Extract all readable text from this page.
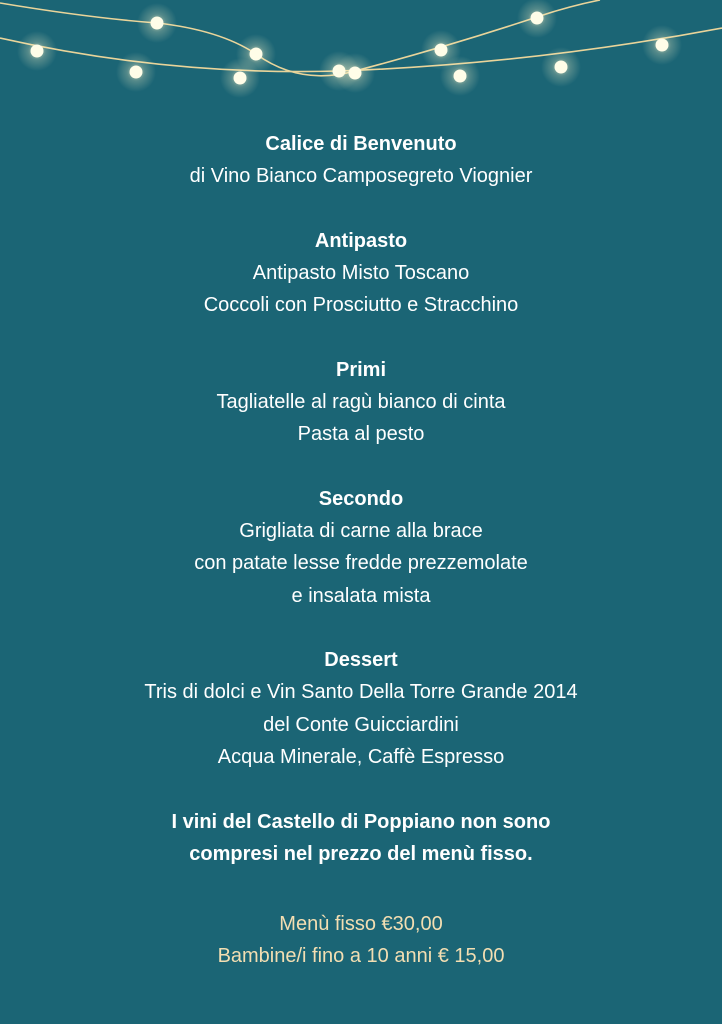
Calice di Benvenuto
di Vino Bianco Camposegreto Viognier
Antipasto
Antipasto Misto Toscano
Coccoli con Prosciutto e Stracchino
Primi
Tagliatelle al ragù bianco di cinta
Pasta al pesto
Secondo
Grigliata di carne alla brace
con patate lesse fredde prezzemolate
e insalata mista
Dessert
Tris di dolci e Vin Santo Della Torre Grande 2014
del Conte Guicciardini
Acqua Minerale, Caffè Espresso
I vini del Castello di Poppiano non sono
compresi nel prezzo del menù fisso.
Menù fisso €30,00
Bambine/i fino a 10 anni € 15,00
